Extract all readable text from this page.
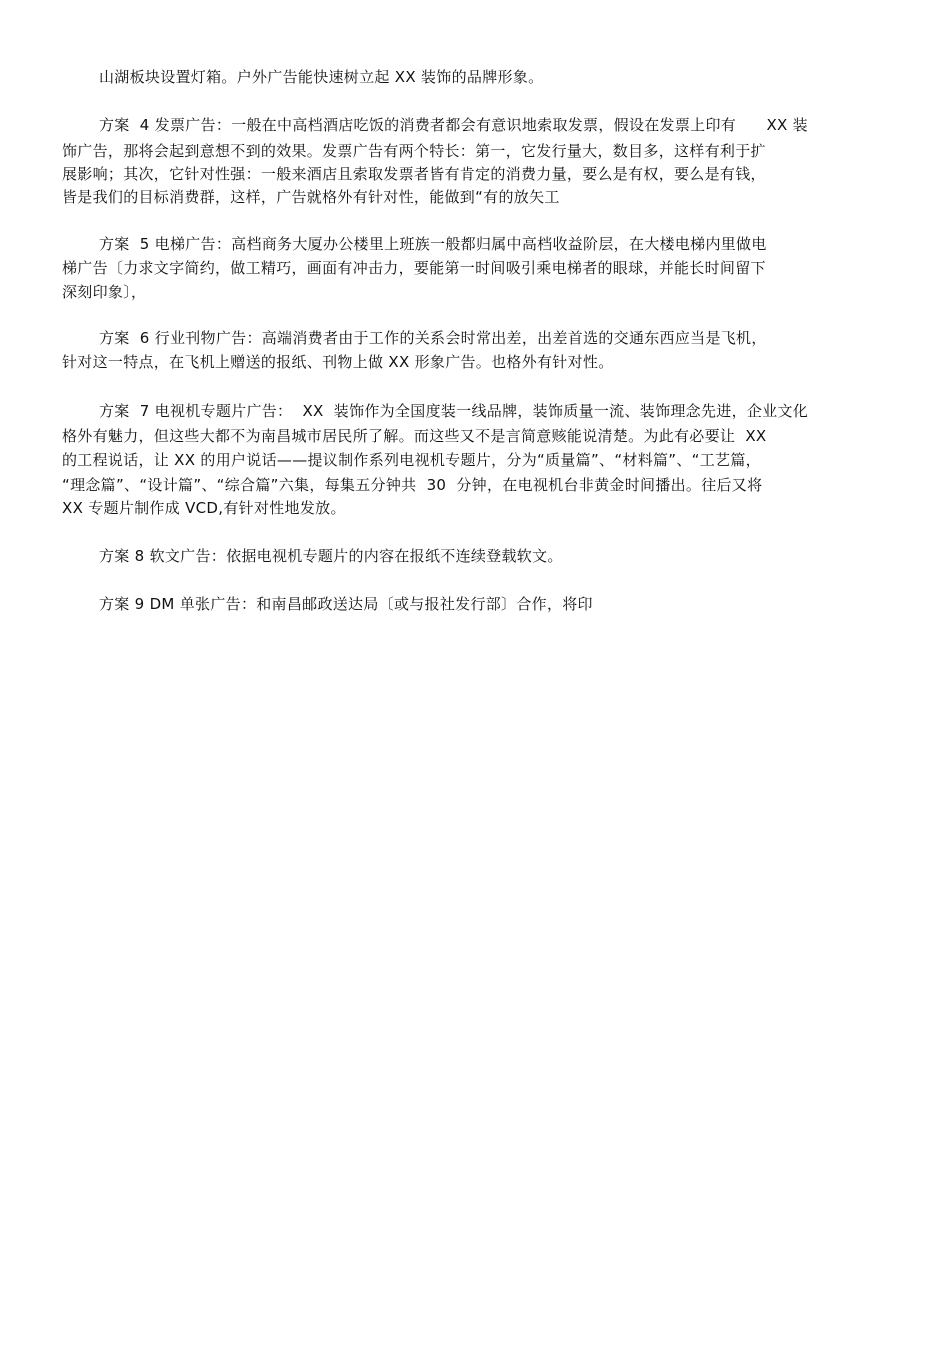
山湖板块设置灯箱。户外广告能快速树立起 XX 装饰的品牌形象。
方案  4 发票广告：一般在中高档酒店吃饭的消费者都会有意识地索取发票，假设在发票上印有      XX 装
饰广告，那将会起到意想不到的效果。发票广告有两个特长：第一，它发行量大，数目多，这样有利于扩
展影响；其次，它针对性强：一般来酒店且索取发票者皆有肯定的消费力量，要么是有权，要么是有钱，
皆是我们的目标消费群，这样，广告就格外有针对性，能做到“有的放矢工
方案  5 电梯广告：高档商务大厦办公楼里上班族一般都归属中高档收益阶层，在大楼电梯内里做电
梯广告〔力求文字简约，做工精巧，画面有冲击力，要能第一时间吸引乘电梯者的眼球，并能长时间留下
深刻印象〕，
方案  6 行业刊物广告：高端消费者由于工作的关系会时常出差，出差首选的交通东西应当是飞机，
针对这一特点，在飞机上赠送的报纸、刊物上做 XX 形象广告。也格外有针对性。
方案  7 电视机专题片广告：  XX  装饰作为全国度装一线品牌，装饰质量一流、装饰理念先进，企业文化
格外有魅力，但这些大都不为南昌城市居民所了解。而这些又不是言简意赅能说清楚。为此有必要让  XX
的工程说话，让 XX 的用户说话——提议制作系列电视机专题片，分为“质量篇”、“材料篇”、“工艺篇，
“理念篇”、“设计篇”、“综合篇”六集，每集五分钟共  30  分钟，在电视机台非黄金时间播出。往后又将
XX 专题片制作成 VCD,有针对性地发放。
方案 8 软文广告：依据电视机专题片的内容在报纸不连续登载软文。
方案 9 DM 单张广告：和南昌邮政送达局〔或与报社发行部〕合作，将印
